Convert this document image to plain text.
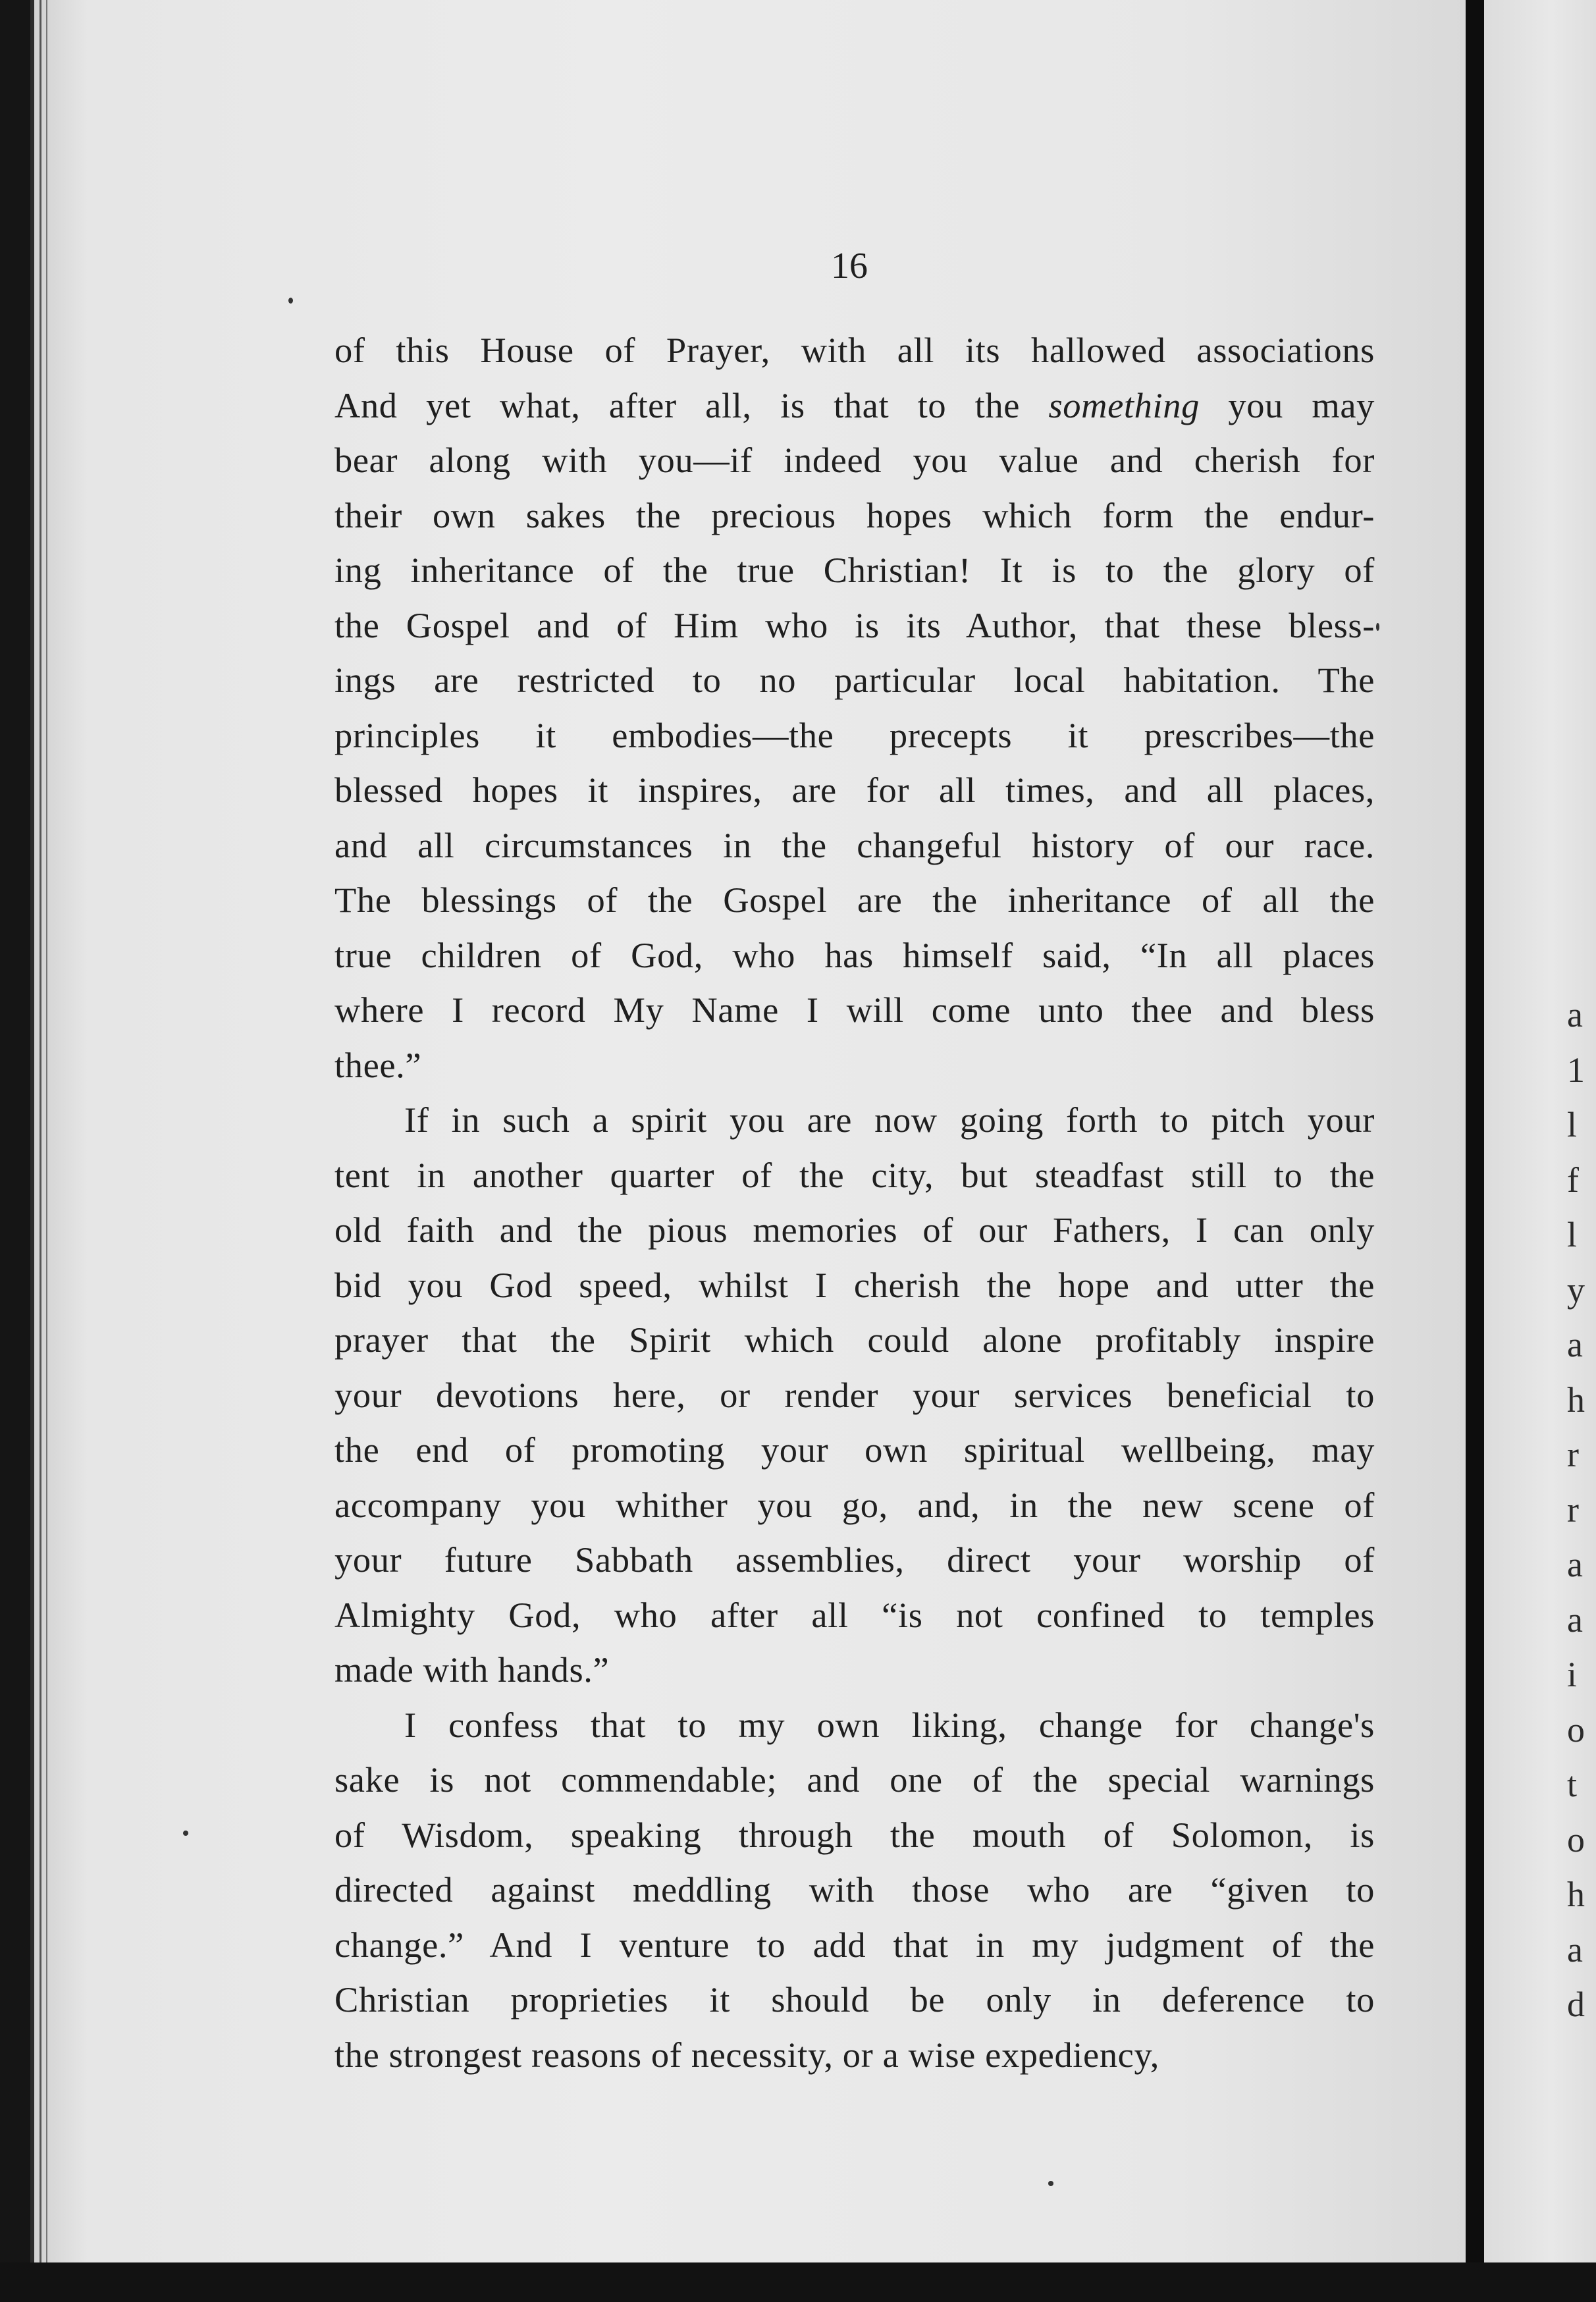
16
of this House of Prayer, with all its hallowed associations
And yet what, after all, is that to the something you may
bear along with you—if indeed you value and cherish for
their own sakes the precious hopes which form the endur-
ing inheritance of the true Christian! It is to the glory of
the Gospel and of Him who is its Author, that these bless-
ings are restricted to no particular local habitation. The
principles it embodies—the precepts it prescribes—the
blessed hopes it inspires, are for all times, and all places,
and all circumstances in the changeful history of our race.
The blessings of the Gospel are the inheritance of all the
true children of God, who has himself said, “In all places
where I record My Name I will come unto thee and bless
thee.”
If in such a spirit you are now going forth to pitch your
tent in another quarter of the city, but steadfast still to the
old faith and the pious memories of our Fathers, I can only
bid you God speed, whilst I cherish the hope and utter the
prayer that the Spirit which could alone profitably inspire
your devotions here, or render your services beneficial to
the end of promoting your own spiritual wellbeing, may
accompany you whither you go, and, in the new scene of
your future Sabbath assemblies, direct your worship of
Almighty God, who after all “is not confined to temples
made with hands.”
I confess that to my own liking, change for change's
sake is not commendable; and one of the special warnings
of Wisdom, speaking through the mouth of Solomon, is
directed against meddling with those who are “given to
change.” And I venture to add that in my judgment of the
Christian proprieties it should be only in deference to
the strongest reasons of necessity, or a wise expediency,
a
1
l
f
l
y
a
h
r
r
a
a
i
o
t
o
h
a
d
